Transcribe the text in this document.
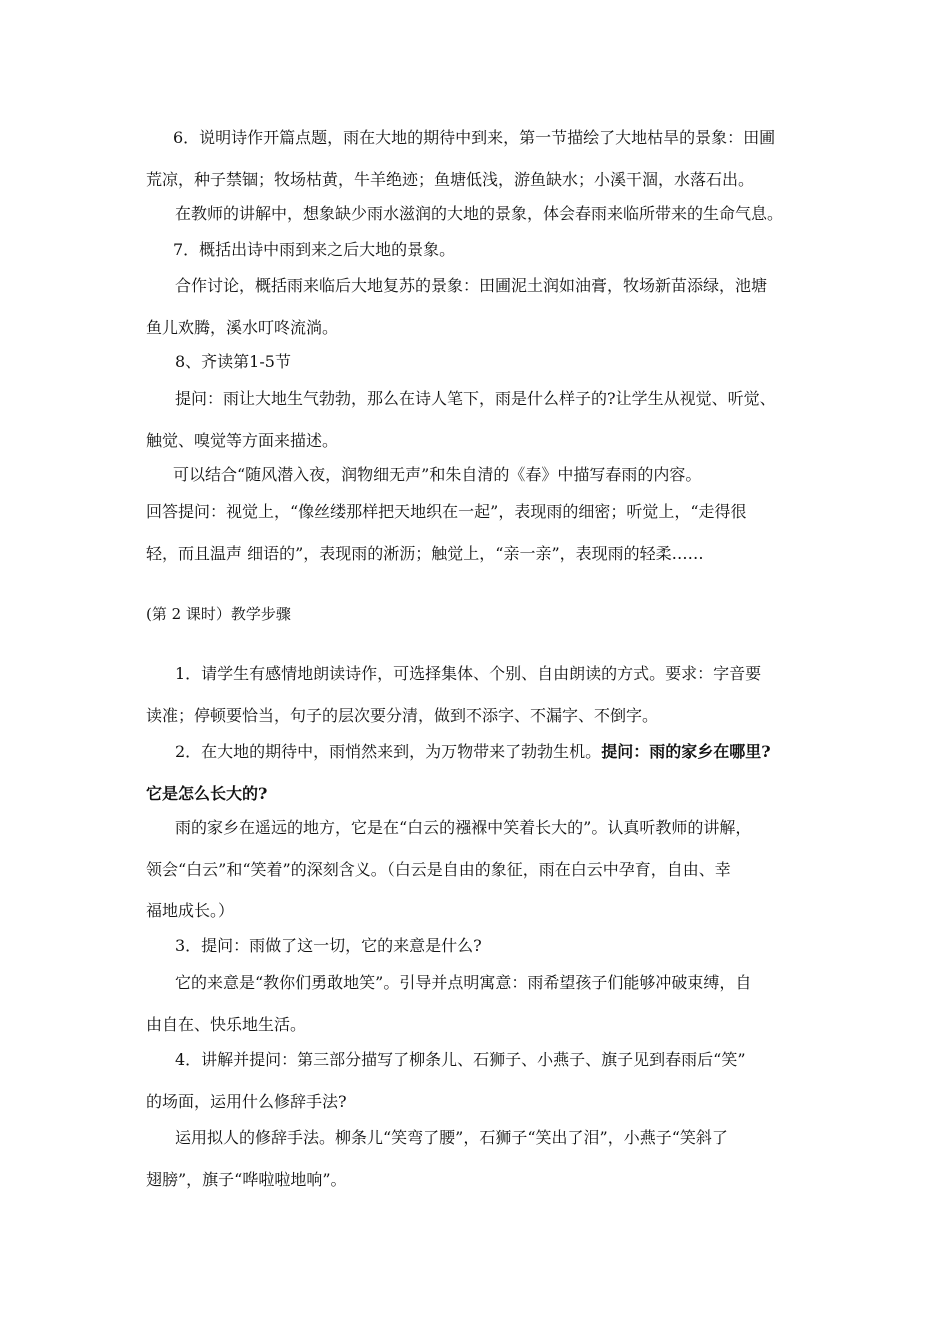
6．说明诗作开篇点题，雨在大地的期待中到来，第一节描绘了大地枯旱的景象：田圃
荒凉，种子禁锢；牧场枯黄，牛羊绝迹；鱼塘低浅，游鱼缺水；小溪干涸，水落石出。
在教师的讲解中，想象缺少雨水滋润的大地的景象，体会春雨来临所带来的生命气息。
7．概括出诗中雨到来之后大地的景象。
合作讨论，概括雨来临后大地复苏的景象：田圃泥土润如油膏，牧场新苗添绿，池塘
鱼儿欢腾，溪水叮咚流淌。
8、齐读第1-5节
提问：雨让大地生气勃勃，那么在诗人笔下，雨是什么样子的?让学生从视觉、听觉、
触觉、嗅觉等方面来描述。
可以结合“随风潜入夜，润物细无声”和朱自清的《春》中描写春雨的内容。
回答提问：视觉上，“像丝缕那样把天地织在一起”，表现雨的细密；听觉上，“走得很
轻，而且温声 细语的”，表现雨的淅沥；触觉上，“亲一亲”，表现雨的轻柔……
(第 2 课时）教学步骤
1．请学生有感情地朗读诗作，可选择集体、个别、自由朗读的方式。要求：字音要
读准；停顿要恰当，句子的层次要分清，做到不添字、不漏字、不倒字。
2．在大地的期待中，雨悄然来到，为万物带来了勃勃生机。提问：雨的家乡在哪里?
它是怎么长大的?
雨的家乡在遥远的地方，它是在“白云的襁褓中笑着长大的”。认真听教师的讲解，
领会“白云”和“笑着”的深刻含义。（白云是自由的象征，雨在白云中孕育，自由、幸
福地成长。）
3．提问：雨做了这一切，它的来意是什么?
它的来意是“教你们勇敢地笑”。引导并点明寓意：雨希望孩子们能够冲破束缚，自
由自在、快乐地生活。
4．讲解并提问：第三部分描写了柳条儿、石狮子、小燕子、旗子见到春雨后“笑”
的场面，运用什么修辞手法?
运用拟人的修辞手法。柳条儿“笑弯了腰”，石狮子“笑出了泪”，小燕子“笑斜了
翅膀”，旗子“哗啦啦地响”。
